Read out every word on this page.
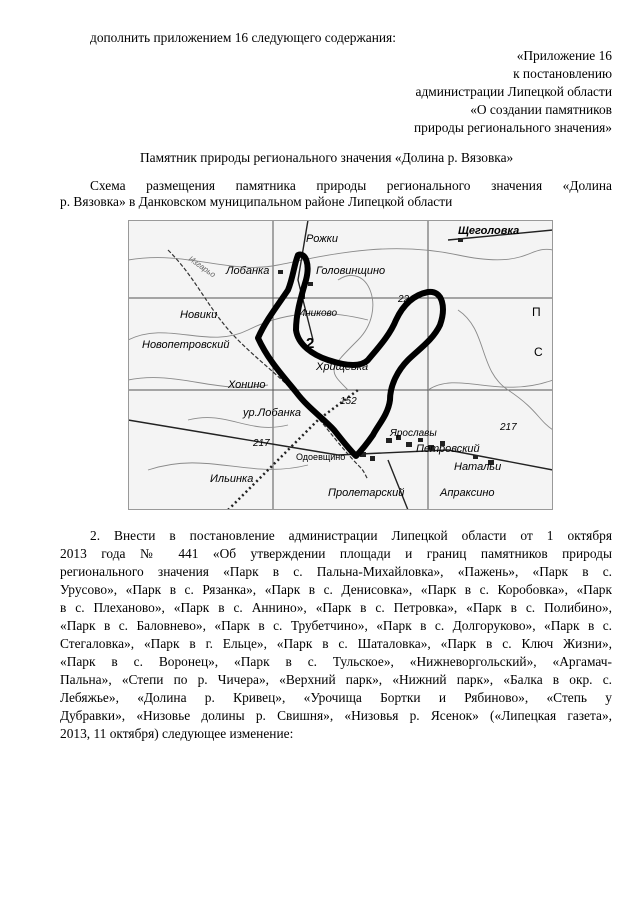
дополнить приложением 16 следующего содержания:
«Приложение 16
к постановлению
администрации Липецкой области
«О создании памятников
природы регионального значения»
Памятник природы регионального значения «Долина р. Вязовка»
Схема размещения памятника природы регионального значения «Долина
р. Вязовка» в Данковском муниципальном районе Липецкой области
Рожки
Щеголовка
Лобанка	Головинщино
Новики	Иниково
Новопетровский	2
Хрищевка
Хонино
ур.Лобанка
217
152
22
217
Ильинка
Одоевщино
Ярославы
Петровский
Натальи
Пролетарский	Апраксино
С
П
Изгарьо
2. Внести в постановление администрации Липецкой области от 1 октября
2013 года № 441 «Об утверждении площади и границ памятников природы
регионального значения «Парк в с. Пальна-Михайловка», «Пажень», «Парк в с.
Урусово», «Парк в с. Рязанка», «Парк в с. Денисовка», «Парк в с. Коробовка», «Парк
в с. Плеханово», «Парк в с. Аннино», «Парк в с. Петровка», «Парк в с. Полибино»,
«Парк в с. Баловнево», «Парк в с. Трубетчино», «Парк в с. Долгоруково», «Парк в с.
Стегаловка», «Парк в г. Ельце», «Парк в с. Шаталовка», «Парк в с. Ключ Жизни»,
«Парк в с. Воронец», «Парк в с. Тульское», «Нижневоргольский», «Аргамач-
Пальна», «Степи по р. Чичера», «Верхний парк», «Нижний парк», «Балка в окр. с.
Лебяжье», «Долина р. Кривец», «Урочища Бортки и Рябиново», «Степь у
Дубравки», «Низовье долины р. Свишня», «Низовья р. Ясенок» («Липецкая газета»,
2013, 11 октября) следующее изменение:
